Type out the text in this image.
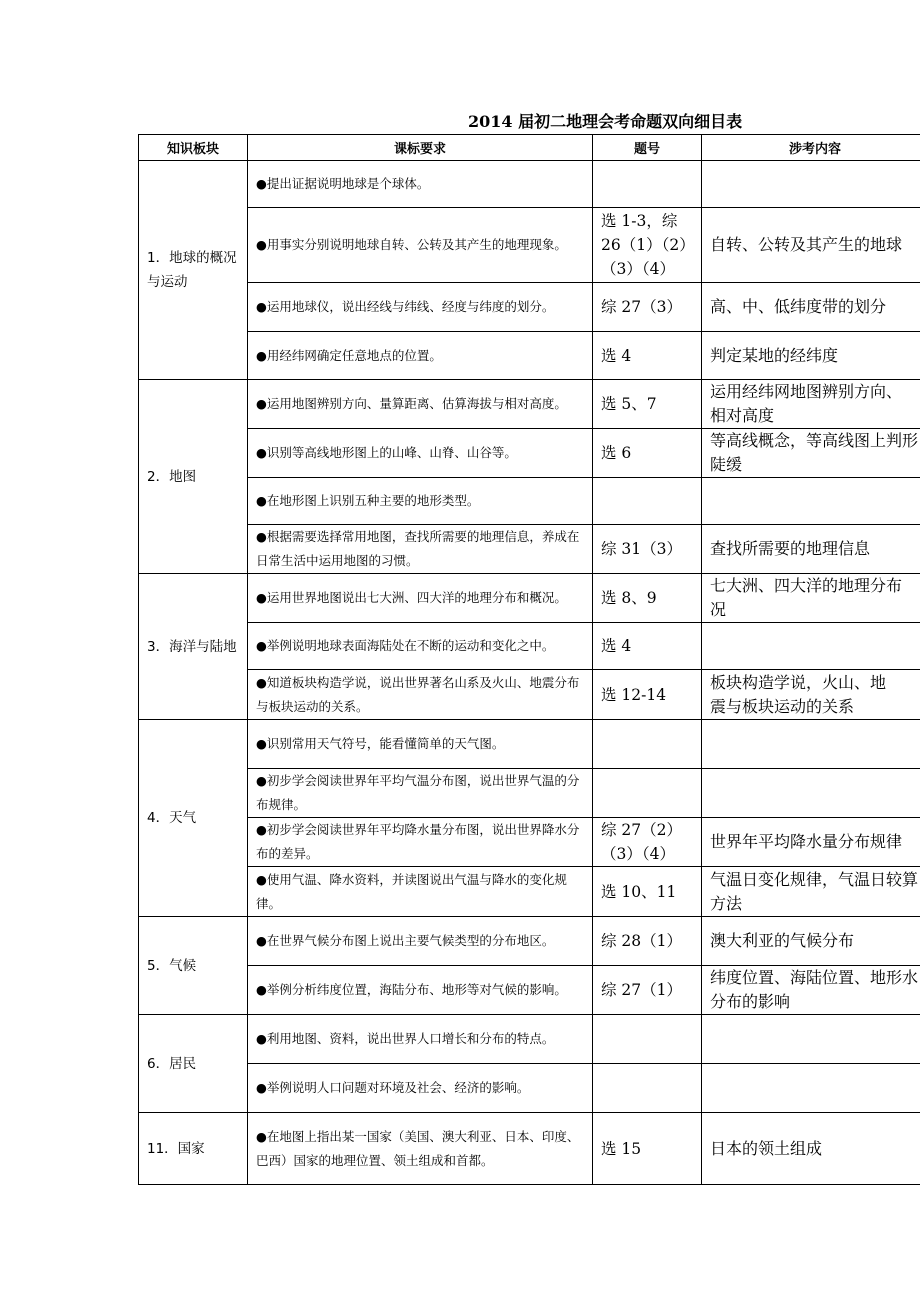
2014 届初二地理会考命题双向细目表
知识板块	课标要求	题号	涉考内容
1．地球的概况与运动	●提出证据说明地球是个球体。		
	●用事实分别说明地球自转、公转及其产生的地理现象。	选 1-3，综 26（1）（2）（3）（4）	自转、公转及其产生的地球
	●运用地球仪，说出经线与纬线、经度与纬度的划分。	综 27（3）	高、中、低纬度带的划分
	●用经纬网确定任意地点的位置。	选 4	判定某地的经纬度
2．地图	●运用地图辨别方向、量算距离、估算海拔与相对高度。	选 5、7	运用经纬网地图辨别方向、
相对高度

	●识别等高线地形图上的山峰、山脊、山谷等。	选 6	等高线概念，等高线图上判形
陡缓

	●在地形图上识别五种主要的地形类型。		
	●根据需要选择常用地图，查找所需要的地理信息，养成在日常生活中运用地图的习惯。	综 31（3）	查找所需要的地理信息
3．海洋与陆地	●运用世界地图说出七大洲、四大洋的地理分布和概况。	选 8、9	七大洲、四大洋的地理分布
况

	●举例说明地球表面海陆处在不断的运动和变化之中。	选 4	
	●知道板块构造学说，说出世界著名山系及火山、地震分布与板块运动的关系。	选 12-14	板块构造学说，火山、地
震与板块运动的关系

4．天气	●识别常用天气符号，能看懂简单的天气图。		
	●初步学会阅读世界年平均气温分布图，说出世界气温的分布规律。		
	●初步学会阅读世界年平均降水量分布图，说出世界降水分布的差异。	综 27（2）（3）（4）	世界年平均降水量分布规律
	●使用气温、降水资料，并读图说出气温与降水的变化规律。	选 10、11	气温日变化规律，气温日较算
方法

5．气候	●在世界气候分布图上说出主要气候类型的分布地区。	综 28（1）	澳大利亚的气候分布
	●举例分析纬度位置，海陆分布、地形等对气候的影响。	综 27（1）	纬度位置、海陆位置、地形水
分布的影响

6．居民	●利用地图、资料，说出世界人口增长和分布的特点。		
	●举例说明人口问题对环境及社会、经济的影响。		
11．国家	●在地图上指出某一国家（美国、澳大利亚、日本、印度、巴西）国家的地理位置、领土组成和首都。	选 15	日本的领土组成
